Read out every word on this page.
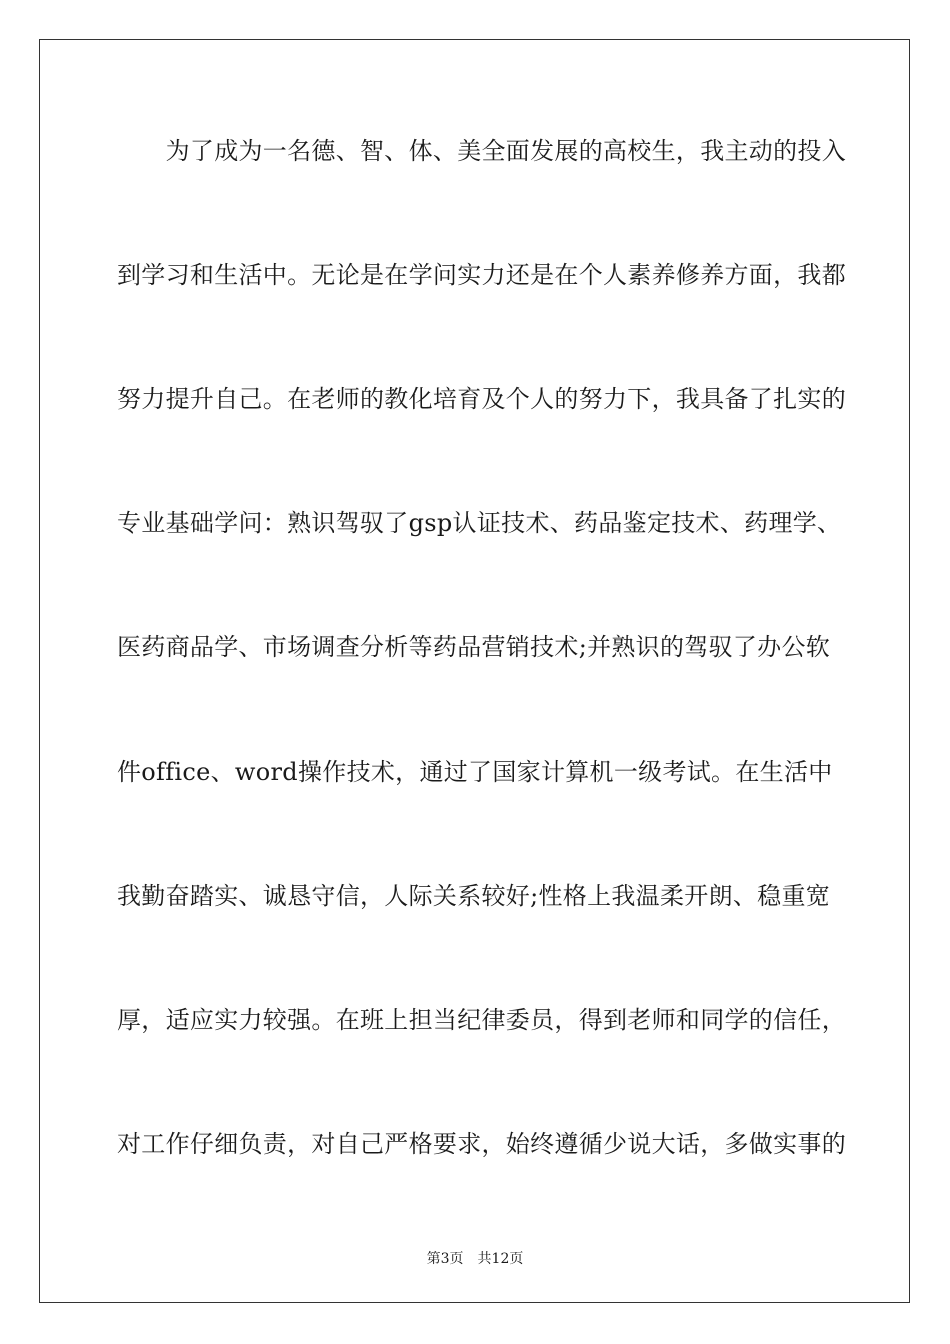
　　为了成为一名德、智、体、美全面发展的高校生，我主动的投入
到学习和生活中。无论是在学问实力还是在个人素养修养方面，我都
努力提升自己。在老师的教化培育及个人的努力下，我具备了扎实的
专业基础学问：熟识驾驭了gsp认证技术、药品鉴定技术、药理学、
医药商品学、市场调查分析等药品营销技术;并熟识的驾驭了办公软
件office、word操作技术，通过了国家计算机一级考试。在生活中
我勤奋踏实、诚恳守信，人际关系较好;性格上我温柔开朗、稳重宽
厚，适应实力较强。在班上担当纪律委员，得到老师和同学的信任，
对工作仔细负责，对自己严格要求，始终遵循少说大话，多做实事的
第3页 共12页
